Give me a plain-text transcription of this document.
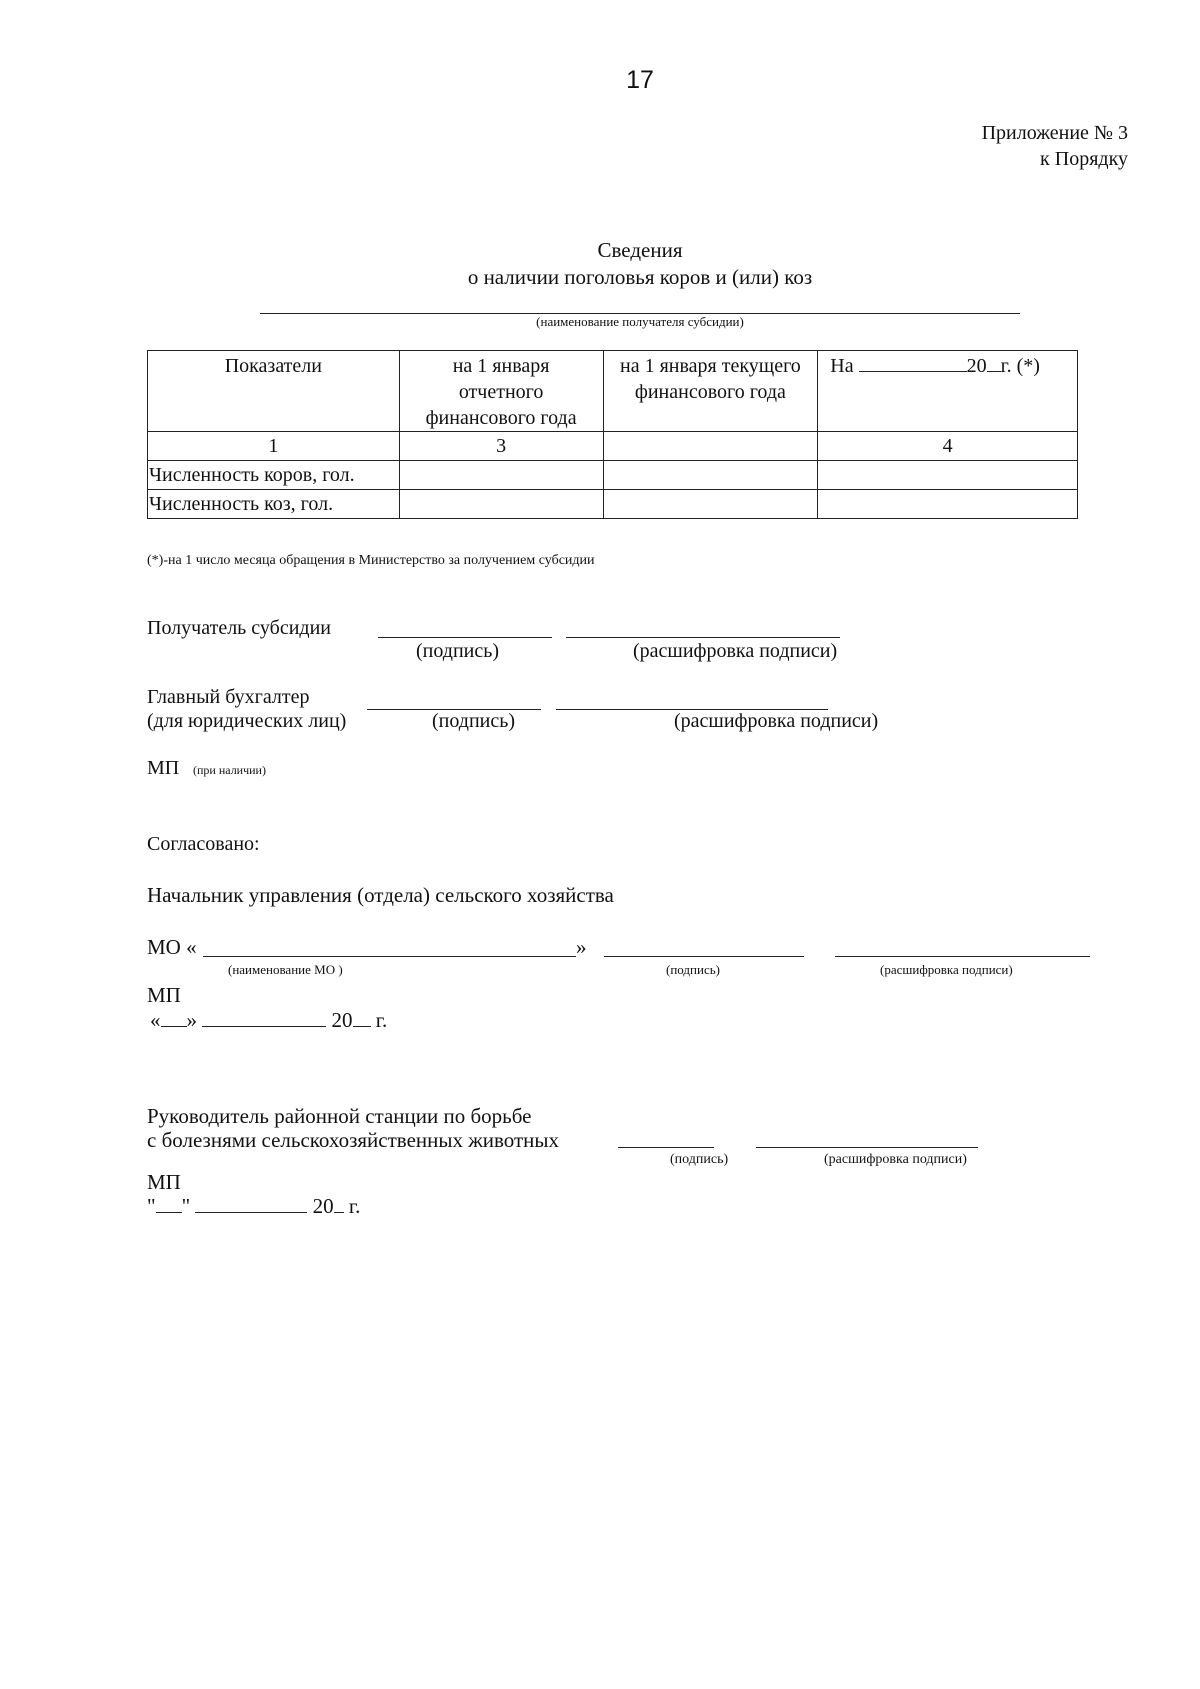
17
Приложение № 3
к Порядку
Сведения
о наличии поголовья коров и (или) коз
(наименование получателя субсидии)
Показатели	на 1 января отчетного финансового года	на 1 января текущего финансового года	На 20 г. (*)
1	3		4
Численность коров, гол.			
Численность коз, гол.			
(*)-на 1 число месяца обращения в Министерство за получением субсидии
Получатель субсидии
(подпись)	(расшифровка подписи)
Главный бухгалтер
(для юридических лиц)	(подпись)	(расшифровка подписи)
МП (при наличии)
Согласовано:
Начальник управления (отдела) сельского хозяйства
МО «	»
(наименование МО )	(подпись)	(расшифровка подписи)
МП
« »	20 г.
Руководитель районной станции по борьбе
с болезнями сельскохозяйственных животных
(подпись)	(расшифровка подписи)
МП
" "	20 г.
